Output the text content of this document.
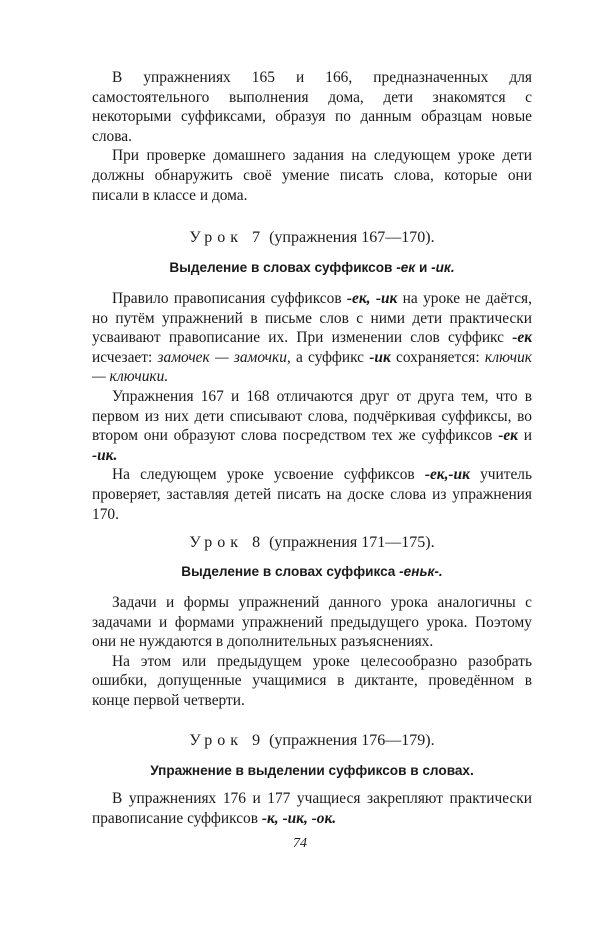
В упражнениях 165 и 166, предназначенных для самостоятельного выполнения дома, дети знакомятся с некоторыми суффиксами, образуя по данным образцам новые слова.

При проверке домашнего задания на следующем уроке дети должны обнаружить своё умение писать слова, которые они писали в классе и дома.

Урок 7 (упражнения 167—170).

Выделение в словах суффиксов -ек и -ик.

Правило правописания суффиксов -ек, -ик на уроке не даётся, но путём упражнений в письме слов с ними дети практически усваивают правописание их. При изменении слов суффикс -ек исчезает: замочек — замочки, а суффикс -ик сохраняется: ключик — ключики.

Упражнения 167 и 168 отличаются друг от друга тем, что в первом из них дети списывают слова, подчёркивая суффиксы, во втором они образуют слова посредством тех же суффиксов -ек и -ик.

На следующем уроке усвоение суффиксов -ек,-ик учитель проверяет, заставляя детей писать на доске слова из упражнения 170.

Урок 8 (упражнения 171—175).

Выделение в словах суффикса -еньк-.

Задачи и формы упражнений данного урока аналогичны с задачами и формами упражнений предыдущего урока. Поэтому они не нуждаются в дополнительных разъяснениях.

На этом или предыдущем уроке целесообразно разобрать ошибки, допущенные учащимися в диктанте, проведённом в конце первой четверти.

Урок 9 (упражнения 176—179).

Упражнение в выделении суффиксов в словах.

В упражнениях 176 и 177 учащиеся закрепляют практически правописание суффиксов -к, -ик, -ок.

74
